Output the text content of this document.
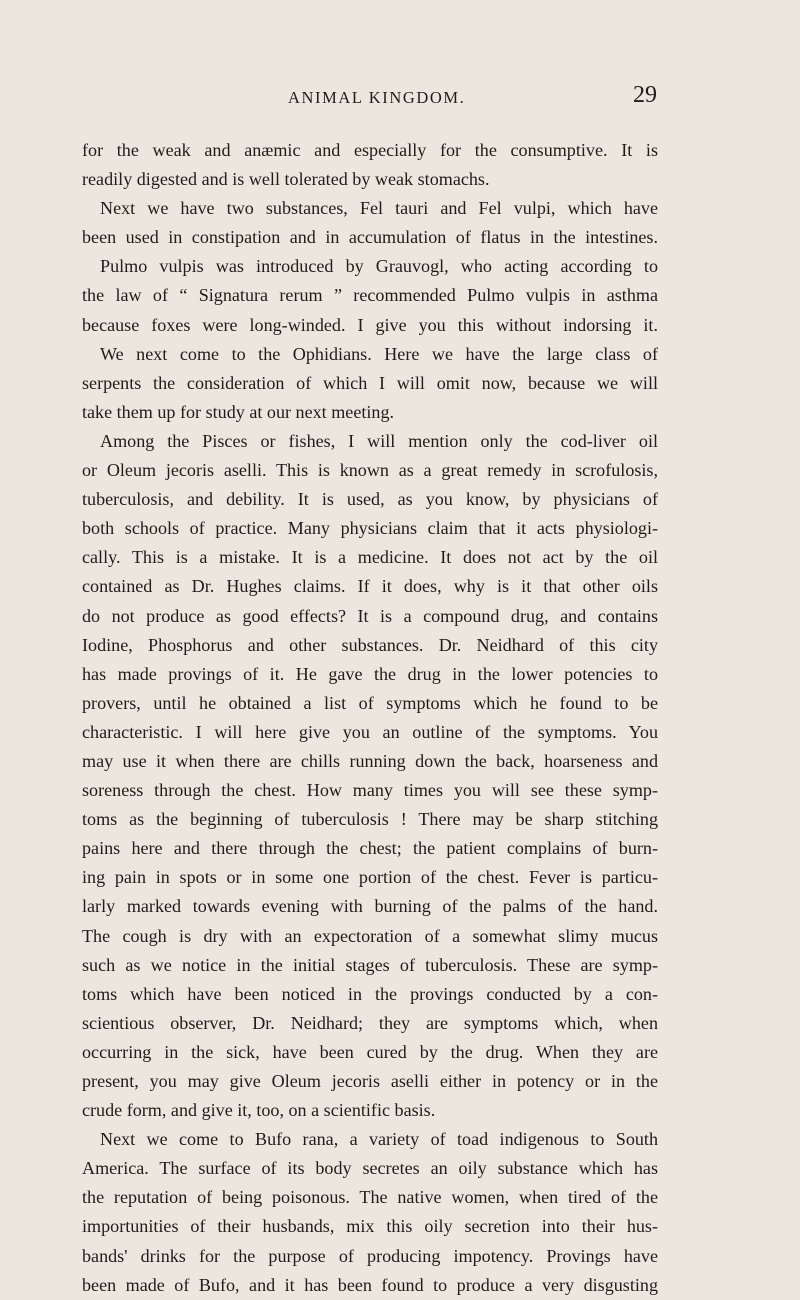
ANIMAL KINGDOM.	29
for the weak and anæmic and especially for the consumptive. It is
readily digested and is well tolerated by weak stomachs.
Next we have two substances, Fel tauri and Fel vulpi, which have
been used in constipation and in accumulation of flatus in the intestines.
Pulmo vulpis was introduced by Grauvogl, who acting according to
the law of “ Signatura rerum ” recommended Pulmo vulpis in asthma
because foxes were long-winded. I give you this without indorsing it.
We next come to the Ophidians. Here we have the large class of
serpents the consideration of which I will omit now, because we will
take them up for study at our next meeting.
Among the Pisces or fishes, I will mention only the cod-liver oil
or Oleum jecoris aselli. This is known as a great remedy in scrofulosis,
tuberculosis, and debility. It is used, as you know, by physicians of
both schools of practice. Many physicians claim that it acts physiologi-
cally. This is a mistake. It is a medicine. It does not act by the oil
contained as Dr. Hughes claims. If it does, why is it that other oils
do not produce as good effects? It is a compound drug, and contains
Iodine, Phosphorus and other substances. Dr. Neidhard of this city
has made provings of it. He gave the drug in the lower potencies to
provers, until he obtained a list of symptoms which he found to be
characteristic. I will here give you an outline of the symptoms. You
may use it when there are chills running down the back, hoarseness and
soreness through the chest. How many times you will see these symp-
toms as the beginning of tuberculosis ! There may be sharp stitching
pains here and there through the chest; the patient complains of burn-
ing pain in spots or in some one portion of the chest. Fever is particu-
larly marked towards evening with burning of the palms of the hand.
The cough is dry with an expectoration of a somewhat slimy mucus
such as we notice in the initial stages of tuberculosis. These are symp-
toms which have been noticed in the provings conducted by a con-
scientious observer, Dr. Neidhard; they are symptoms which, when
occurring in the sick, have been cured by the drug. When they are
present, you may give Oleum jecoris aselli either in potency or in the
crude form, and give it, too, on a scientific basis.
Next we come to Bufo rana, a variety of toad indigenous to South
America. The surface of its body secretes an oily substance which has
the reputation of being poisonous. The native women, when tired of the
importunities of their husbands, mix this oily secretion into their hus-
bands' drinks for the purpose of producing impotency. Provings have
been made of Bufo, and it has been found to produce a very disgusting
